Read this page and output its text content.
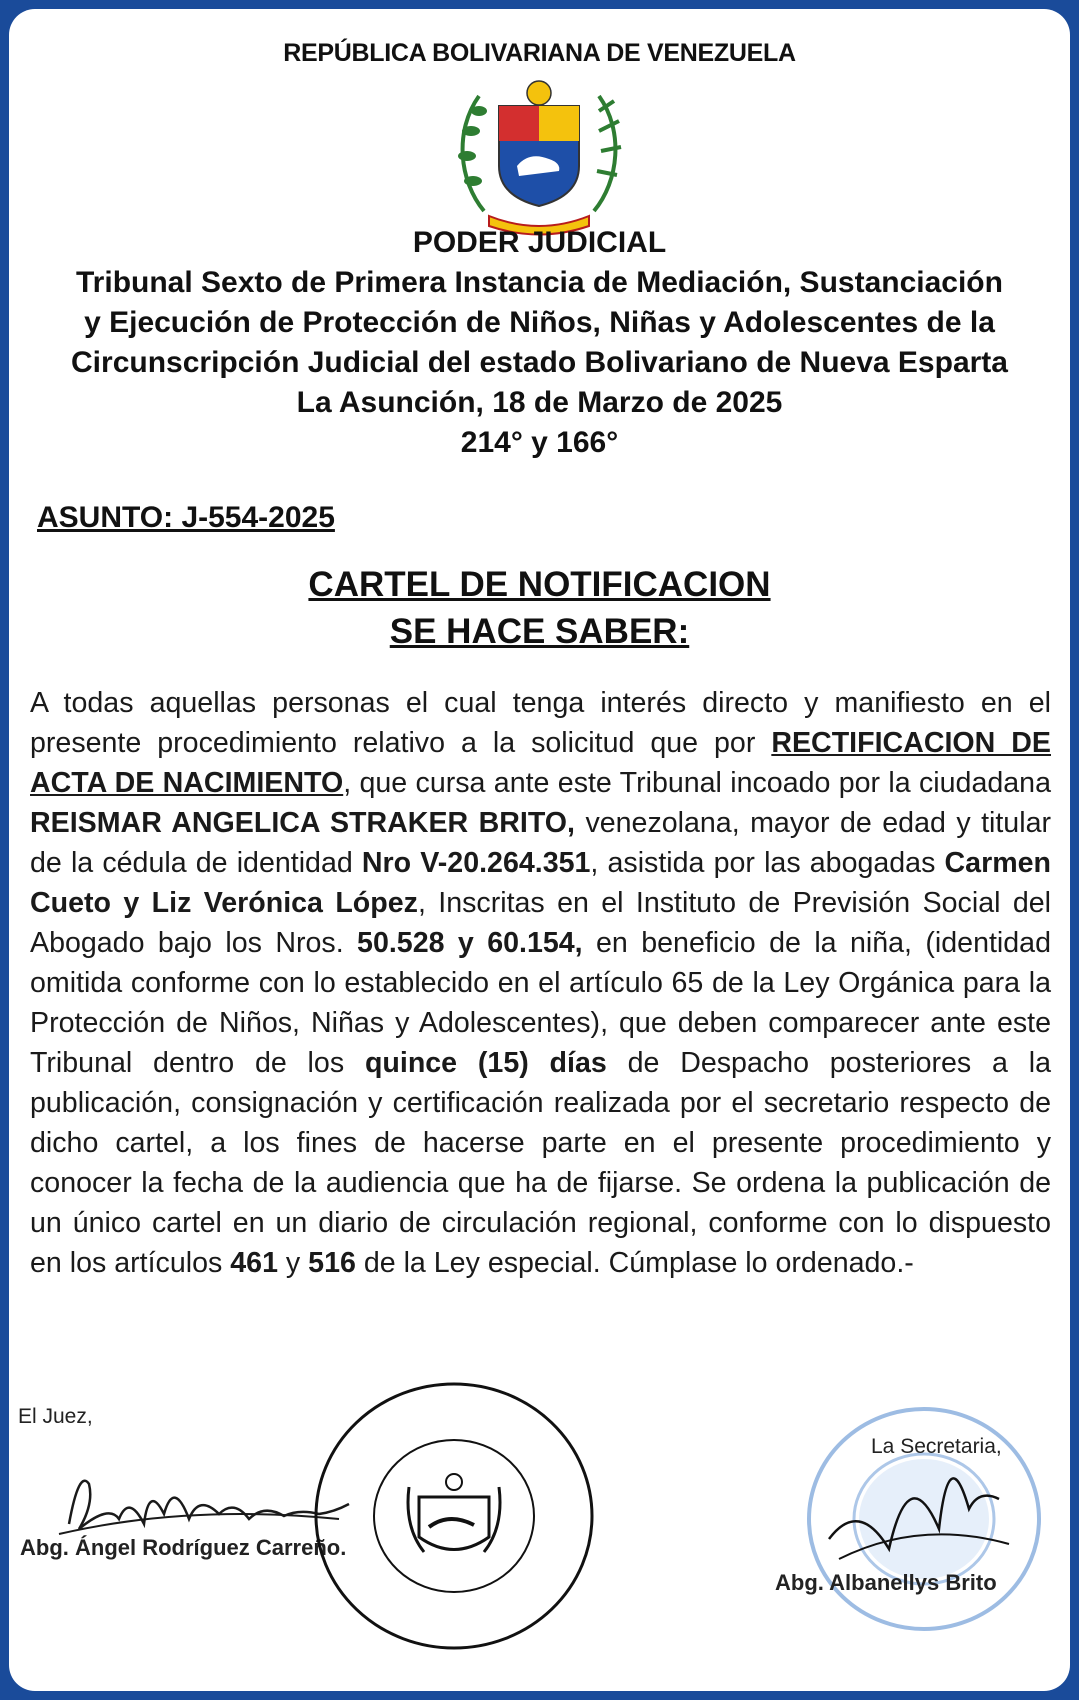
REPÚBLICA BOLIVARIANA DE VENEZUELA
PODER JUDICIAL
Tribunal Sexto de Primera Instancia de Mediación, Sustanciación
y Ejecución de Protección de Niños, Niñas y Adolescentes de la
Circunscripción Judicial del estado Bolivariano de Nueva Esparta
La Asunción, 18 de Marzo de 2025
214° y 166°
ASUNTO: J-554-2025
CARTEL DE NOTIFICACION
SE HACE SABER:
A todas aquellas personas el cual tenga interés directo y manifiesto en el presente procedimiento relativo a la solicitud que por RECTIFICACION DE ACTA DE NACIMIENTO, que cursa ante este Tribunal incoado por la ciudadana REISMAR ANGELICA STRAKER BRITO, venezolana, mayor de edad y titular de la cédula de identidad Nro V-20.264.351, asistida por las abogadas Carmen Cueto y Liz Verónica López, Inscritas en el Instituto de Previsión Social del Abogado bajo los Nros. 50.528 y 60.154, en beneficio de la niña, (identidad omitida conforme con lo establecido en el artículo 65 de la Ley Orgánica para la Protección de Niños, Niñas y Adolescentes), que deben comparecer ante este Tribunal dentro de los quince (15) días de Despacho posteriores a la publicación, consignación y certificación realizada por el secretario respecto de dicho cartel, a los fines de hacerse parte en el presente procedimiento y conocer la fecha de la audiencia que ha de fijarse. Se ordena la publicación de un único cartel en un diario de circulación regional, conforme con lo dispuesto en los artículos 461 y 516 de la Ley especial. Cúmplase lo ordenado.-
El Juez,
Abg. Ángel Rodríguez Carreño.
La Secretaria,
Abg. Albanellys Brito
